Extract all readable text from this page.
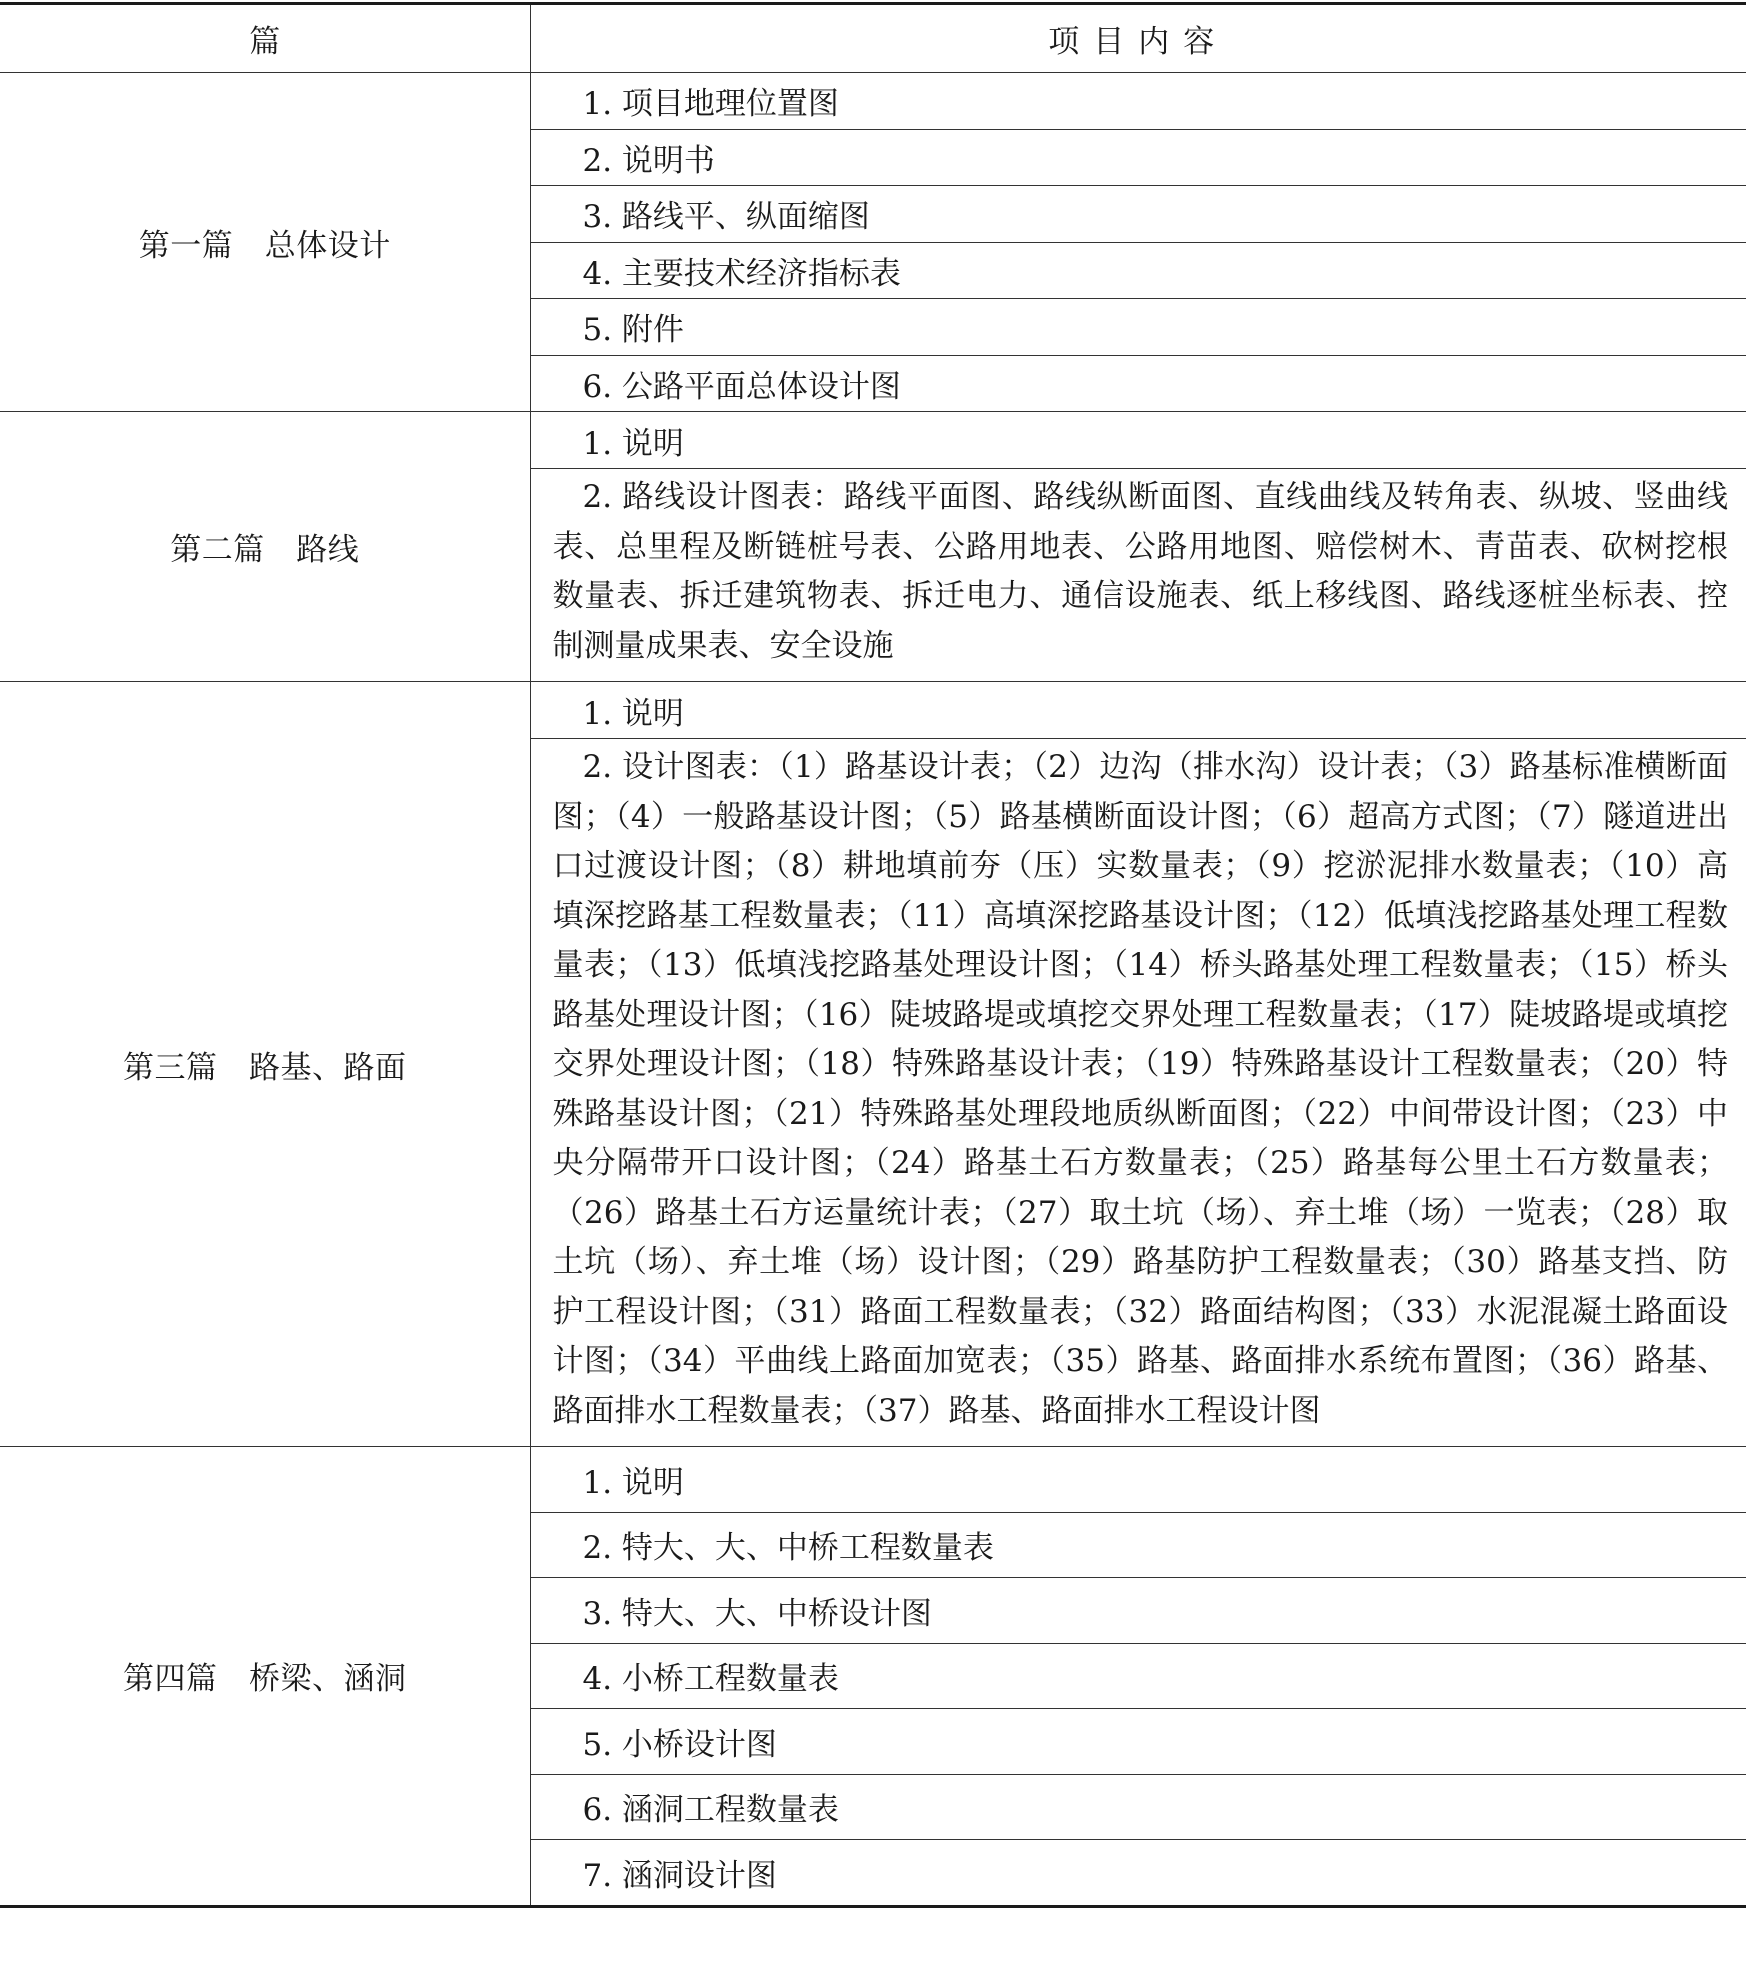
篇	项目内容
第一篇　总体设计	1. 项目地理位置图
	2. 说明书
	3. 路线平、纵面缩图
	4. 主要技术经济指标表
	5. 附件
	6. 公路平面总体设计图
第二篇　路线	1. 说明
	2. 路线设计图表：路线平面图、路线纵断面图、直线曲线及转角表、纵坡、竖曲线表、总里程及断链桩号表、公路用地表、公路用地图、赔偿树木、青苗表、砍树挖根数量表、拆迁建筑物表、拆迁电力、通信设施表、纸上移线图、路线逐桩坐标表、控制测量成果表、安全设施
第三篇　路基、路面	1. 说明
	2. 设计图表：（1）路基设计表；（2）边沟（排水沟）设计表；（3）路基标准横断面图；（4）一般路基设计图；（5）路基横断面设计图；（6）超高方式图；（7）隧道进出口过渡设计图；（8）耕地填前夯（压）实数量表；（9）挖淤泥排水数量表；（10）高填深挖路基工程数量表；（11）高填深挖路基设计图；（12）低填浅挖路基处理工程数量表；（13）低填浅挖路基处理设计图；（14）桥头路基处理工程数量表；（15）桥头路基处理设计图；（16）陡坡路堤或填挖交界处理工程数量表；（17）陡坡路堤或填挖交界处理设计图；（18）特殊路基设计表；（19）特殊路基设计工程数量表；（20）特殊路基设计图；（21）特殊路基处理段地质纵断面图；（22）中间带设计图；（23）中央分隔带开口设计图；（24）路基土石方数量表；（25）路基每公里土石方数量表；（26）路基土石方运量统计表；（27）取土坑（场）、弃土堆（场）一览表；（28）取土坑（场）、弃土堆（场）设计图；（29）路基防护工程数量表；（30）路基支挡、防护工程设计图；（31）路面工程数量表；（32）路面结构图；（33）水泥混凝土路面设计图；（34）平曲线上路面加宽表；（35）路基、路面排水系统布置图；（36）路基、路面排水工程数量表；（37）路基、路面排水工程设计图
第四篇　桥梁、涵洞	1. 说明
	2. 特大、大、中桥工程数量表
	3. 特大、大、中桥设计图
	4. 小桥工程数量表
	5. 小桥设计图
	6. 涵洞工程数量表
	7. 涵洞设计图
